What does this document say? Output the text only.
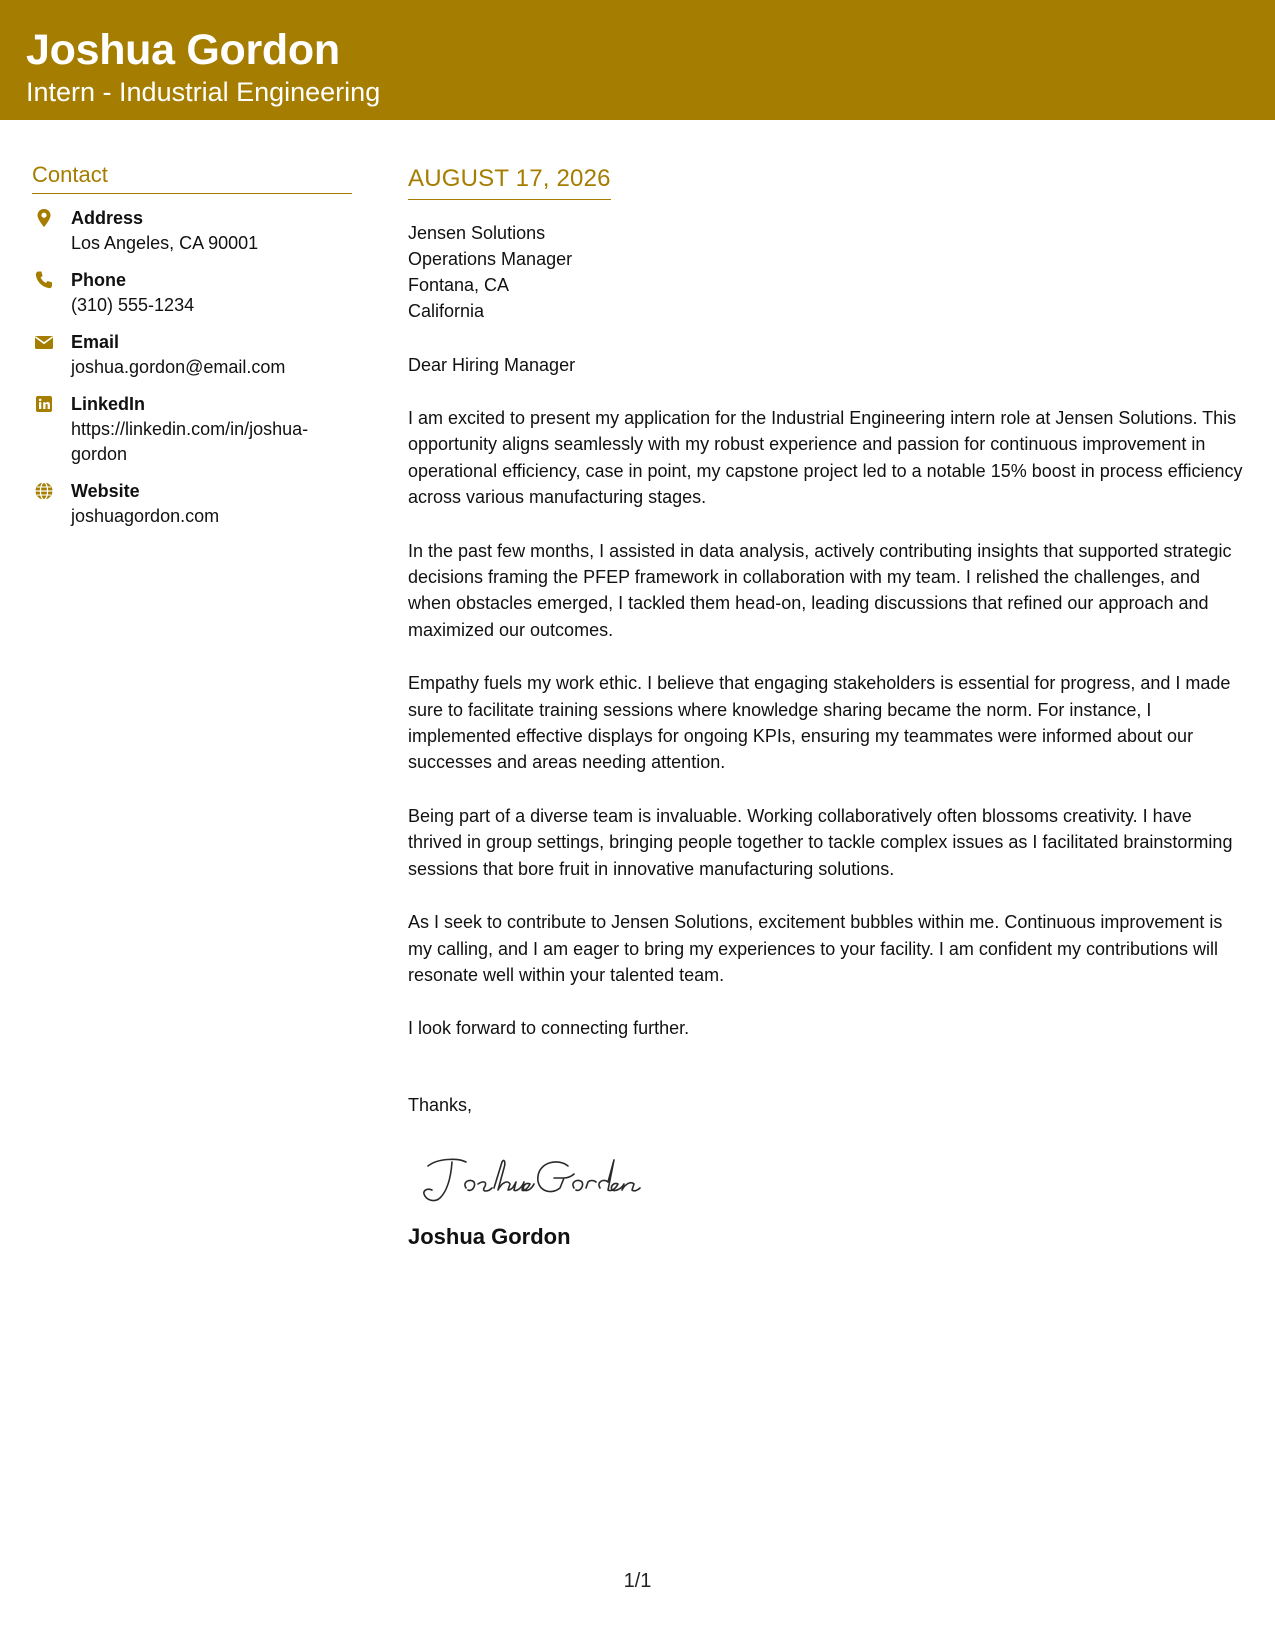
Joshua Gordon
Intern - Industrial Engineering
Contact
Address
Los Angeles, CA 90001
Phone
(310) 555-1234
Email
joshua.gordon@email.com
LinkedIn
https://linkedin.com/in/joshua-gordon
Website
joshuagordon.com
AUGUST 17, 2026
Jensen Solutions
Operations Manager
Fontana, CA
California
Dear Hiring Manager

I am excited to present my application for the Industrial Engineering intern role at Jensen Solutions. This opportunity aligns seamlessly with my robust experience and passion for continuous improvement in operational efficiency, case in point, my capstone project led to a notable 15% boost in process efficiency across various manufacturing stages.

In the past few months, I assisted in data analysis, actively contributing insights that supported strategic decisions framing the PFEP framework in collaboration with my team. I relished the challenges, and when obstacles emerged, I tackled them head-on, leading discussions that refined our approach and maximized our outcomes.

Empathy fuels my work ethic. I believe that engaging stakeholders is essential for progress, and I made sure to facilitate training sessions where knowledge sharing became the norm. For instance, I implemented effective displays for ongoing KPIs, ensuring my teammates were informed about our successes and areas needing attention.

Being part of a diverse team is invaluable. Working collaboratively often blossoms creativity. I have thrived in group settings, bringing people together to tackle complex issues as I facilitated brainstorming sessions that bore fruit in innovative manufacturing solutions.

As I seek to contribute to Jensen Solutions, excitement bubbles within me. Continuous improvement is my calling, and I am eager to bring my experiences to your facility. I am confident my contributions will resonate well within your talented team.

I look forward to connecting further.

Thanks,
Joshua Gordon
1/1
